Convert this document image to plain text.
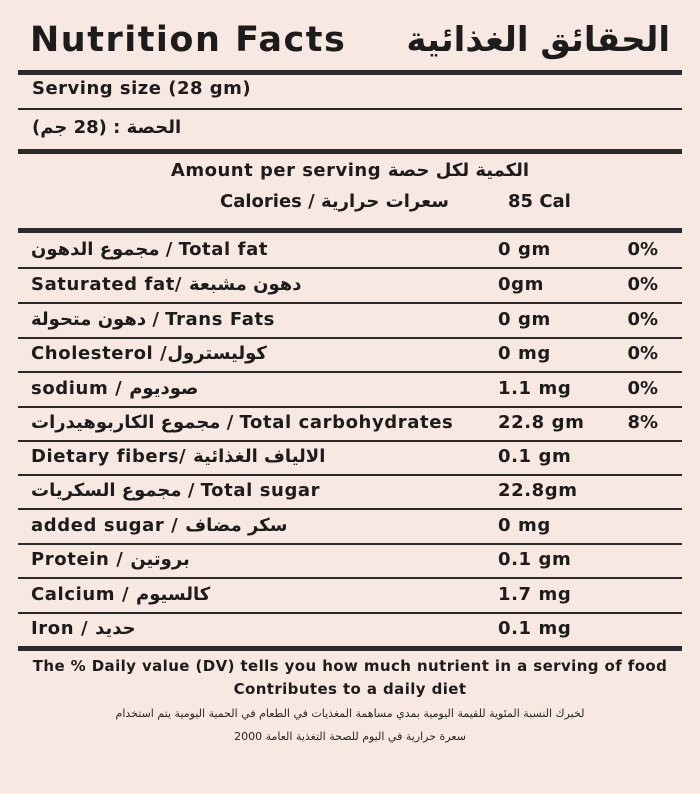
Nutrition Facts الحقائق الغذائية
Serving size (28 gm)
الحصة : (28 جم)
Amount per serving الكمية لكل حصة
Calories / سعرات حرارية	85 Cal
مجموع الدهون / Total fat	0 gm	0%
Saturated fat/ دهون مشبعة	0gm	0%
دهون متحولة / Trans Fats	0 gm	0%
Cholesterol /كوليسترول	0 mg	0%
sodium / صوديوم	1.1 mg	0%
مجموع الكاربوهيدرات / Total carbohydrates 22.8 gm 8%
Dietary fibers/ الالياف الغذائية	0.1 gm
مجموع السكريات / Total sugar	22.8gm
added sugar / سكر مضاف	0 mg
Protein / بروتين	0.1 gm
Calcium / كالسيوم	1.7 mg
Iron / حديد	0.1 mg
The % Daily value (DV) tells you how much nutrient in a serving of food
Contributes to a daily diet
لخبرك النسبة المئوية للقيمة اليومية بمدي مساهمة المغذيات في الطعام في الحمية اليومية يتم استخدام
سعرة حرارية في اليوم للصحة التغذية العامة 2000
